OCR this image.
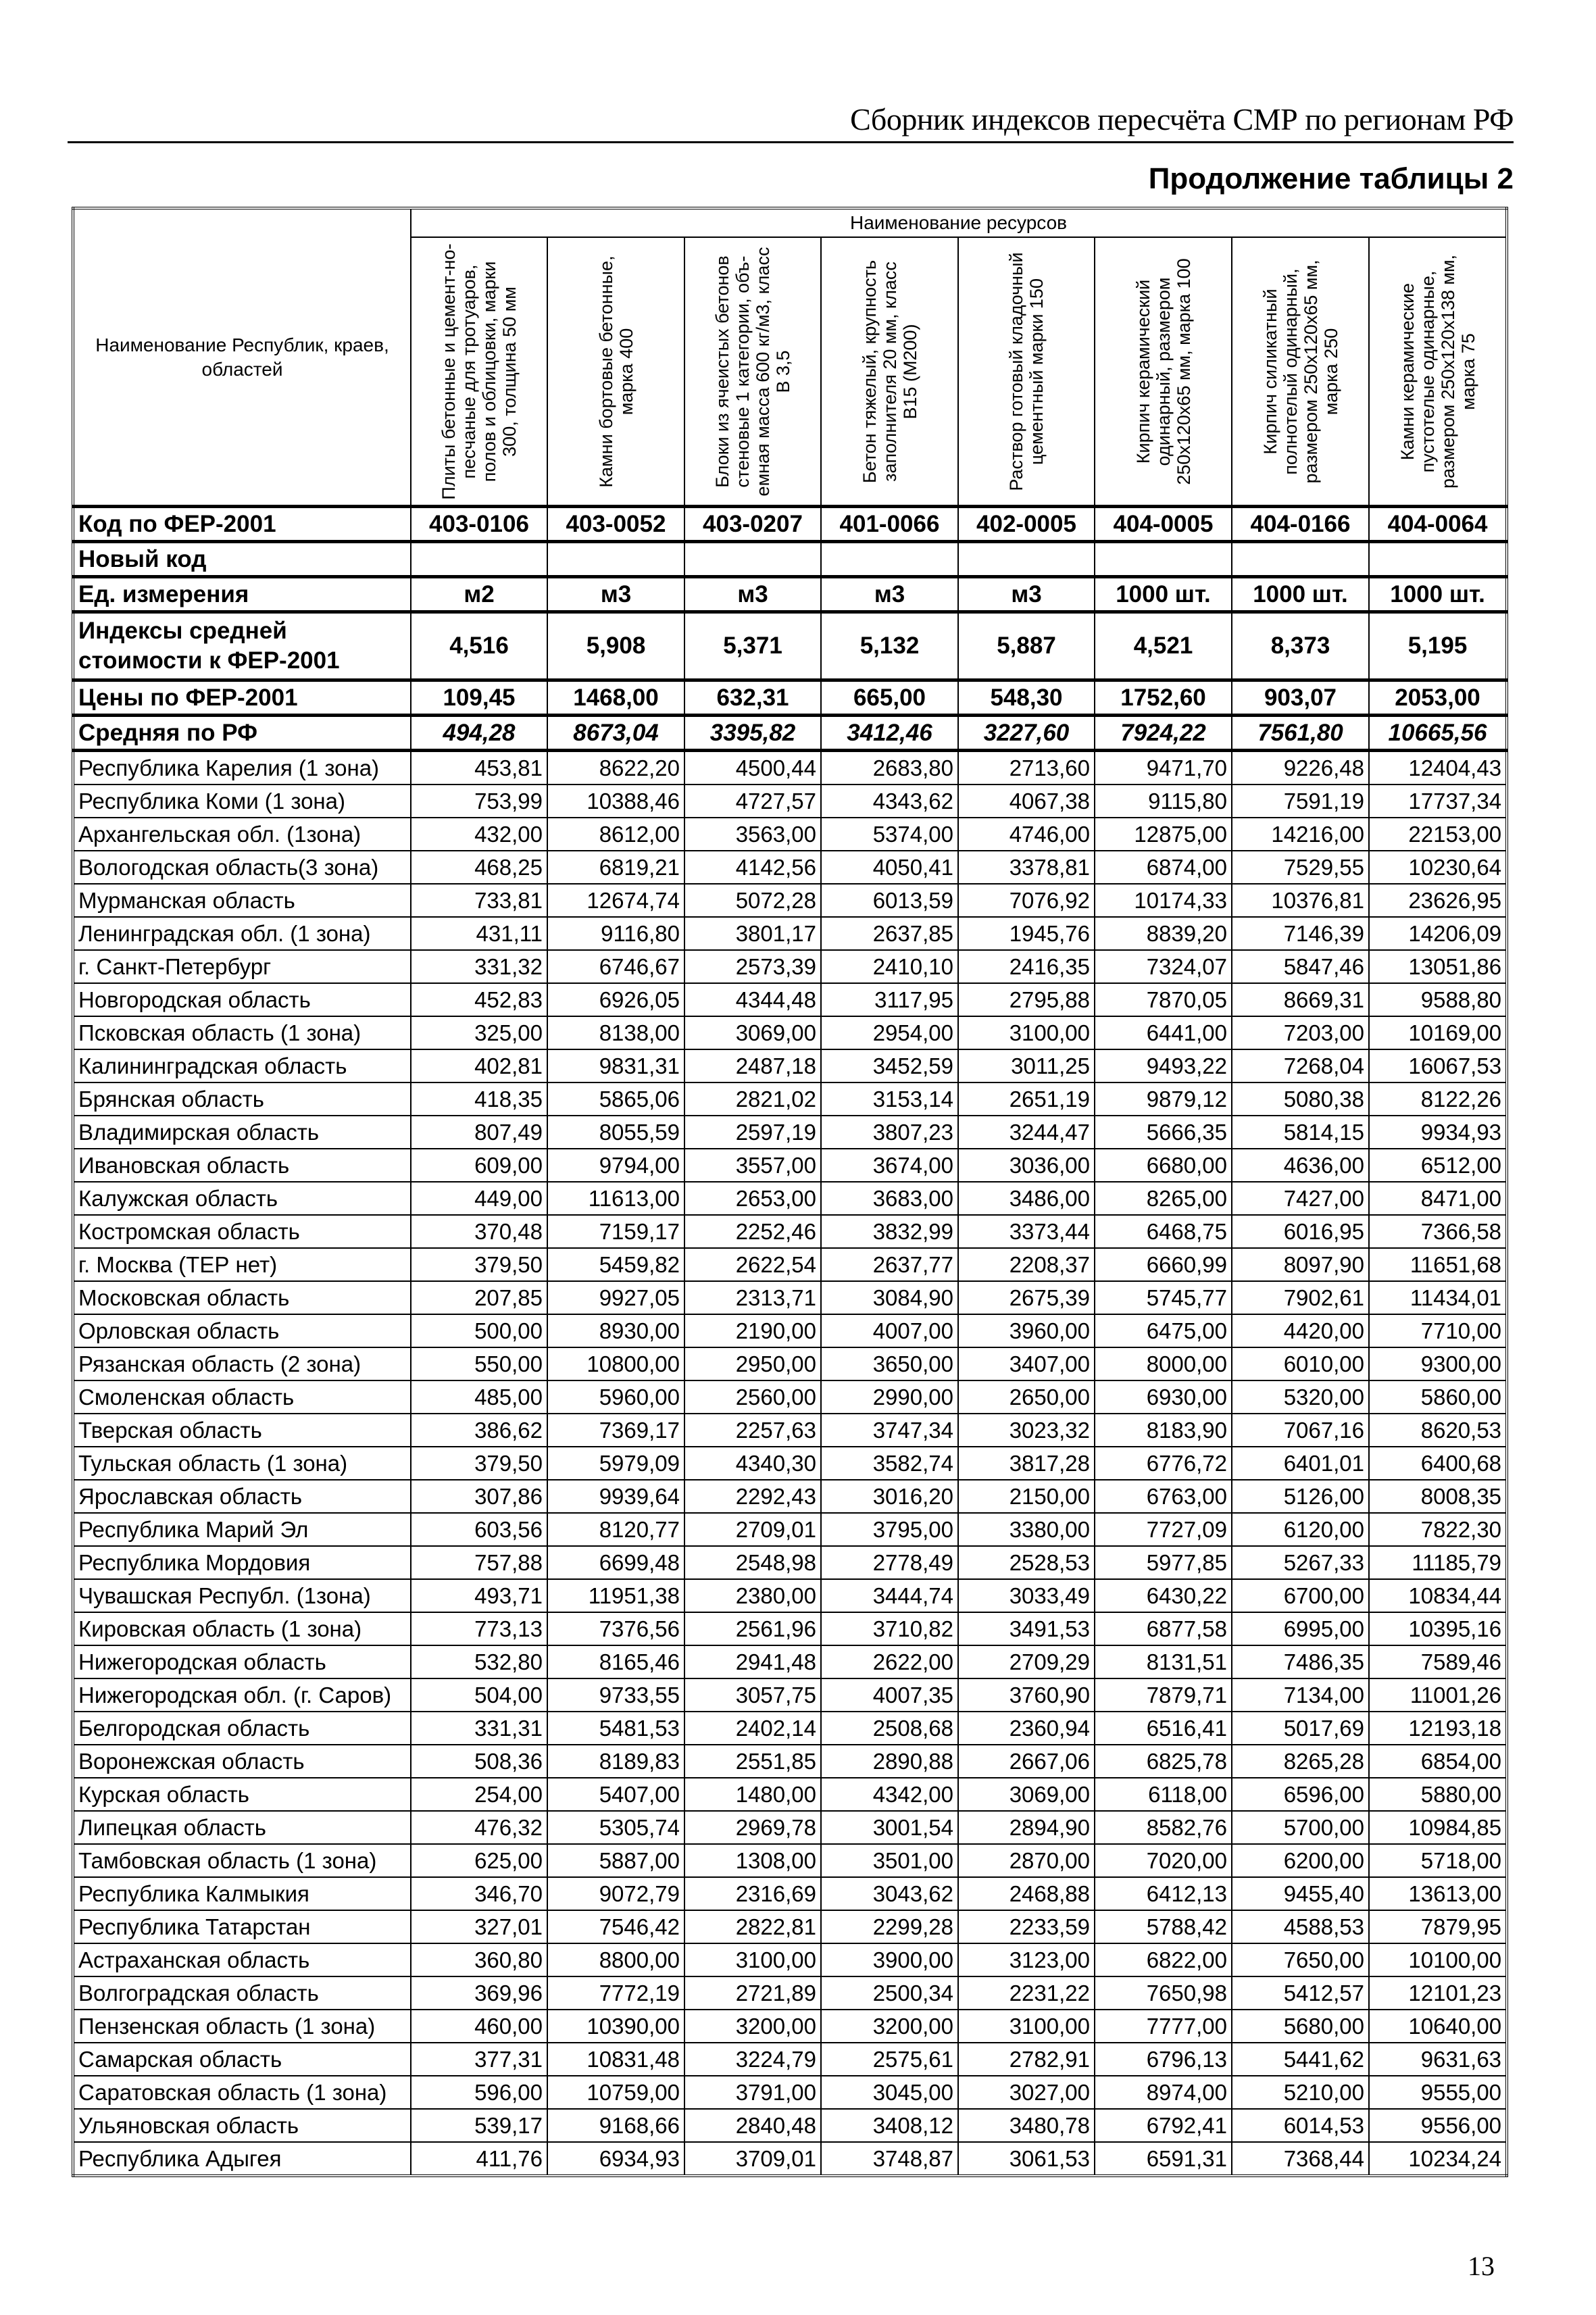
Сборник индексов пересчёта СМР по регионам РФ
Продолжение таблицы 2
Наименование Республик, краев, областей	Наименование ресурсов							

	Плиты бетонные и цемент-но-песчаные для тротуаров, полов и облицовки, марки 300, толщина 50 мм	Камни бортовые бетонные, марка 400	Блоки из ячеистых бетонов стеновые 1 категории, объ-емная масса 600 кг/м3, класс В 3,5	Бетон тяжелый, крупность заполнителя 20 мм, класс В15 (М200)	Раствор готовый кладочный цементный марки 150	Кирпич керамический одинарный, размером 250х120х65 мм, марка 100	Кирпич силикатный полнотелый одинарный, размером 250х120х65 мм, марка 250	Камни керамические пустотелые одинарные, размером 250х120х138 мм, марка 75

Код по ФЕР-2001	403-0106	403-0052	403-0207	401-0066	402-0005	404-0005	404-0166	404-0064
Новый код								
Ед. измерения	м2	м3	м3	м3	м3	1000 шт.	1000 шт.	1000 шт.
Индексы средней стоимости к ФЕР-2001	4,516	5,908	5,371	5,132	5,887	4,521	8,373	5,195
Цены по ФЕР-2001	109,45	1468,00	632,31	665,00	548,30	1752,60	903,07	2053,00
Средняя по РФ	494,28	8673,04	3395,82	3412,46	3227,60	7924,22	7561,80	10665,56
Республика Карелия (1 зона)	453,81	8622,20	4500,44	2683,80	2713,60	9471,70	9226,48	12404,43
Республика Коми (1 зона)	753,99	10388,46	4727,57	4343,62	4067,38	9115,80	7591,19	17737,34
Архангельская обл. (1зона)	432,00	8612,00	3563,00	5374,00	4746,00	12875,00	14216,00	22153,00
Вологодская область(3 зона)	468,25	6819,21	4142,56	4050,41	3378,81	6874,00	7529,55	10230,64
Мурманская область	733,81	12674,74	5072,28	6013,59	7076,92	10174,33	10376,81	23626,95
Ленинградская обл. (1 зона)	431,11	9116,80	3801,17	2637,85	1945,76	8839,20	7146,39	14206,09
г. Санкт-Петербург	331,32	6746,67	2573,39	2410,10	2416,35	7324,07	5847,46	13051,86
Новгородская область	452,83	6926,05	4344,48	3117,95	2795,88	7870,05	8669,31	9588,80
Псковская область (1 зона)	325,00	8138,00	3069,00	2954,00	3100,00	6441,00	7203,00	10169,00
Калининградская область	402,81	9831,31	2487,18	3452,59	3011,25	9493,22	7268,04	16067,53
Брянская область	418,35	5865,06	2821,02	3153,14	2651,19	9879,12	5080,38	8122,26
Владимирская область	807,49	8055,59	2597,19	3807,23	3244,47	5666,35	5814,15	9934,93
Ивановская область	609,00	9794,00	3557,00	3674,00	3036,00	6680,00	4636,00	6512,00
Калужская область	449,00	11613,00	2653,00	3683,00	3486,00	8265,00	7427,00	8471,00
Костромская область	370,48	7159,17	2252,46	3832,99	3373,44	6468,75	6016,95	7366,58
г. Москва (ТЕР нет)	379,50	5459,82	2622,54	2637,77	2208,37	6660,99	8097,90	11651,68
Московская область	207,85	9927,05	2313,71	3084,90	2675,39	5745,77	7902,61	11434,01
Орловская область	500,00	8930,00	2190,00	4007,00	3960,00	6475,00	4420,00	7710,00
Рязанская область (2 зона)	550,00	10800,00	2950,00	3650,00	3407,00	8000,00	6010,00	9300,00
Смоленская область	485,00	5960,00	2560,00	2990,00	2650,00	6930,00	5320,00	5860,00
Тверская область	386,62	7369,17	2257,63	3747,34	3023,32	8183,90	7067,16	8620,53
Тульская область (1 зона)	379,50	5979,09	4340,30	3582,74	3817,28	6776,72	6401,01	6400,68
Ярославская область	307,86	9939,64	2292,43	3016,20	2150,00	6763,00	5126,00	8008,35
Республика Марий Эл	603,56	8120,77	2709,01	3795,00	3380,00	7727,09	6120,00	7822,30
Республика Мордовия	757,88	6699,48	2548,98	2778,49	2528,53	5977,85	5267,33	11185,79
Чувашская Республ. (1зона)	493,71	11951,38	2380,00	3444,74	3033,49	6430,22	6700,00	10834,44
Кировская область (1 зона)	773,13	7376,56	2561,96	3710,82	3491,53	6877,58	6995,00	10395,16
Нижегородская область	532,80	8165,46	2941,48	2622,00	2709,29	8131,51	7486,35	7589,46
Нижегородская обл. (г. Саров)	504,00	9733,55	3057,75	4007,35	3760,90	7879,71	7134,00	11001,26
Белгородская область	331,31	5481,53	2402,14	2508,68	2360,94	6516,41	5017,69	12193,18
Воронежская область	508,36	8189,83	2551,85	2890,88	2667,06	6825,78	8265,28	6854,00
Курская область	254,00	5407,00	1480,00	4342,00	3069,00	6118,00	6596,00	5880,00
Липецкая область	476,32	5305,74	2969,78	3001,54	2894,90	8582,76	5700,00	10984,85
Тамбовская область (1 зона)	625,00	5887,00	1308,00	3501,00	2870,00	7020,00	6200,00	5718,00
Республика Калмыкия	346,70	9072,79	2316,69	3043,62	2468,88	6412,13	9455,40	13613,00
Республика Татарстан	327,01	7546,42	2822,81	2299,28	2233,59	5788,42	4588,53	7879,95
Астраханская область	360,80	8800,00	3100,00	3900,00	3123,00	6822,00	7650,00	10100,00
Волгоградская область	369,96	7772,19	2721,89	2500,34	2231,22	7650,98	5412,57	12101,23
Пензенская область (1 зона)	460,00	10390,00	3200,00	3200,00	3100,00	7777,00	5680,00	10640,00
Самарская область	377,31	10831,48	3224,79	2575,61	2782,91	6796,13	5441,62	9631,63
Саратовская область (1 зона)	596,00	10759,00	3791,00	3045,00	3027,00	8974,00	5210,00	9555,00
Ульяновская область	539,17	9168,66	2840,48	3408,12	3480,78	6792,41	6014,53	9556,00
Республика Адыгея	411,76	6934,93	3709,01	3748,87	3061,53	6591,31	7368,44	10234,24
13
